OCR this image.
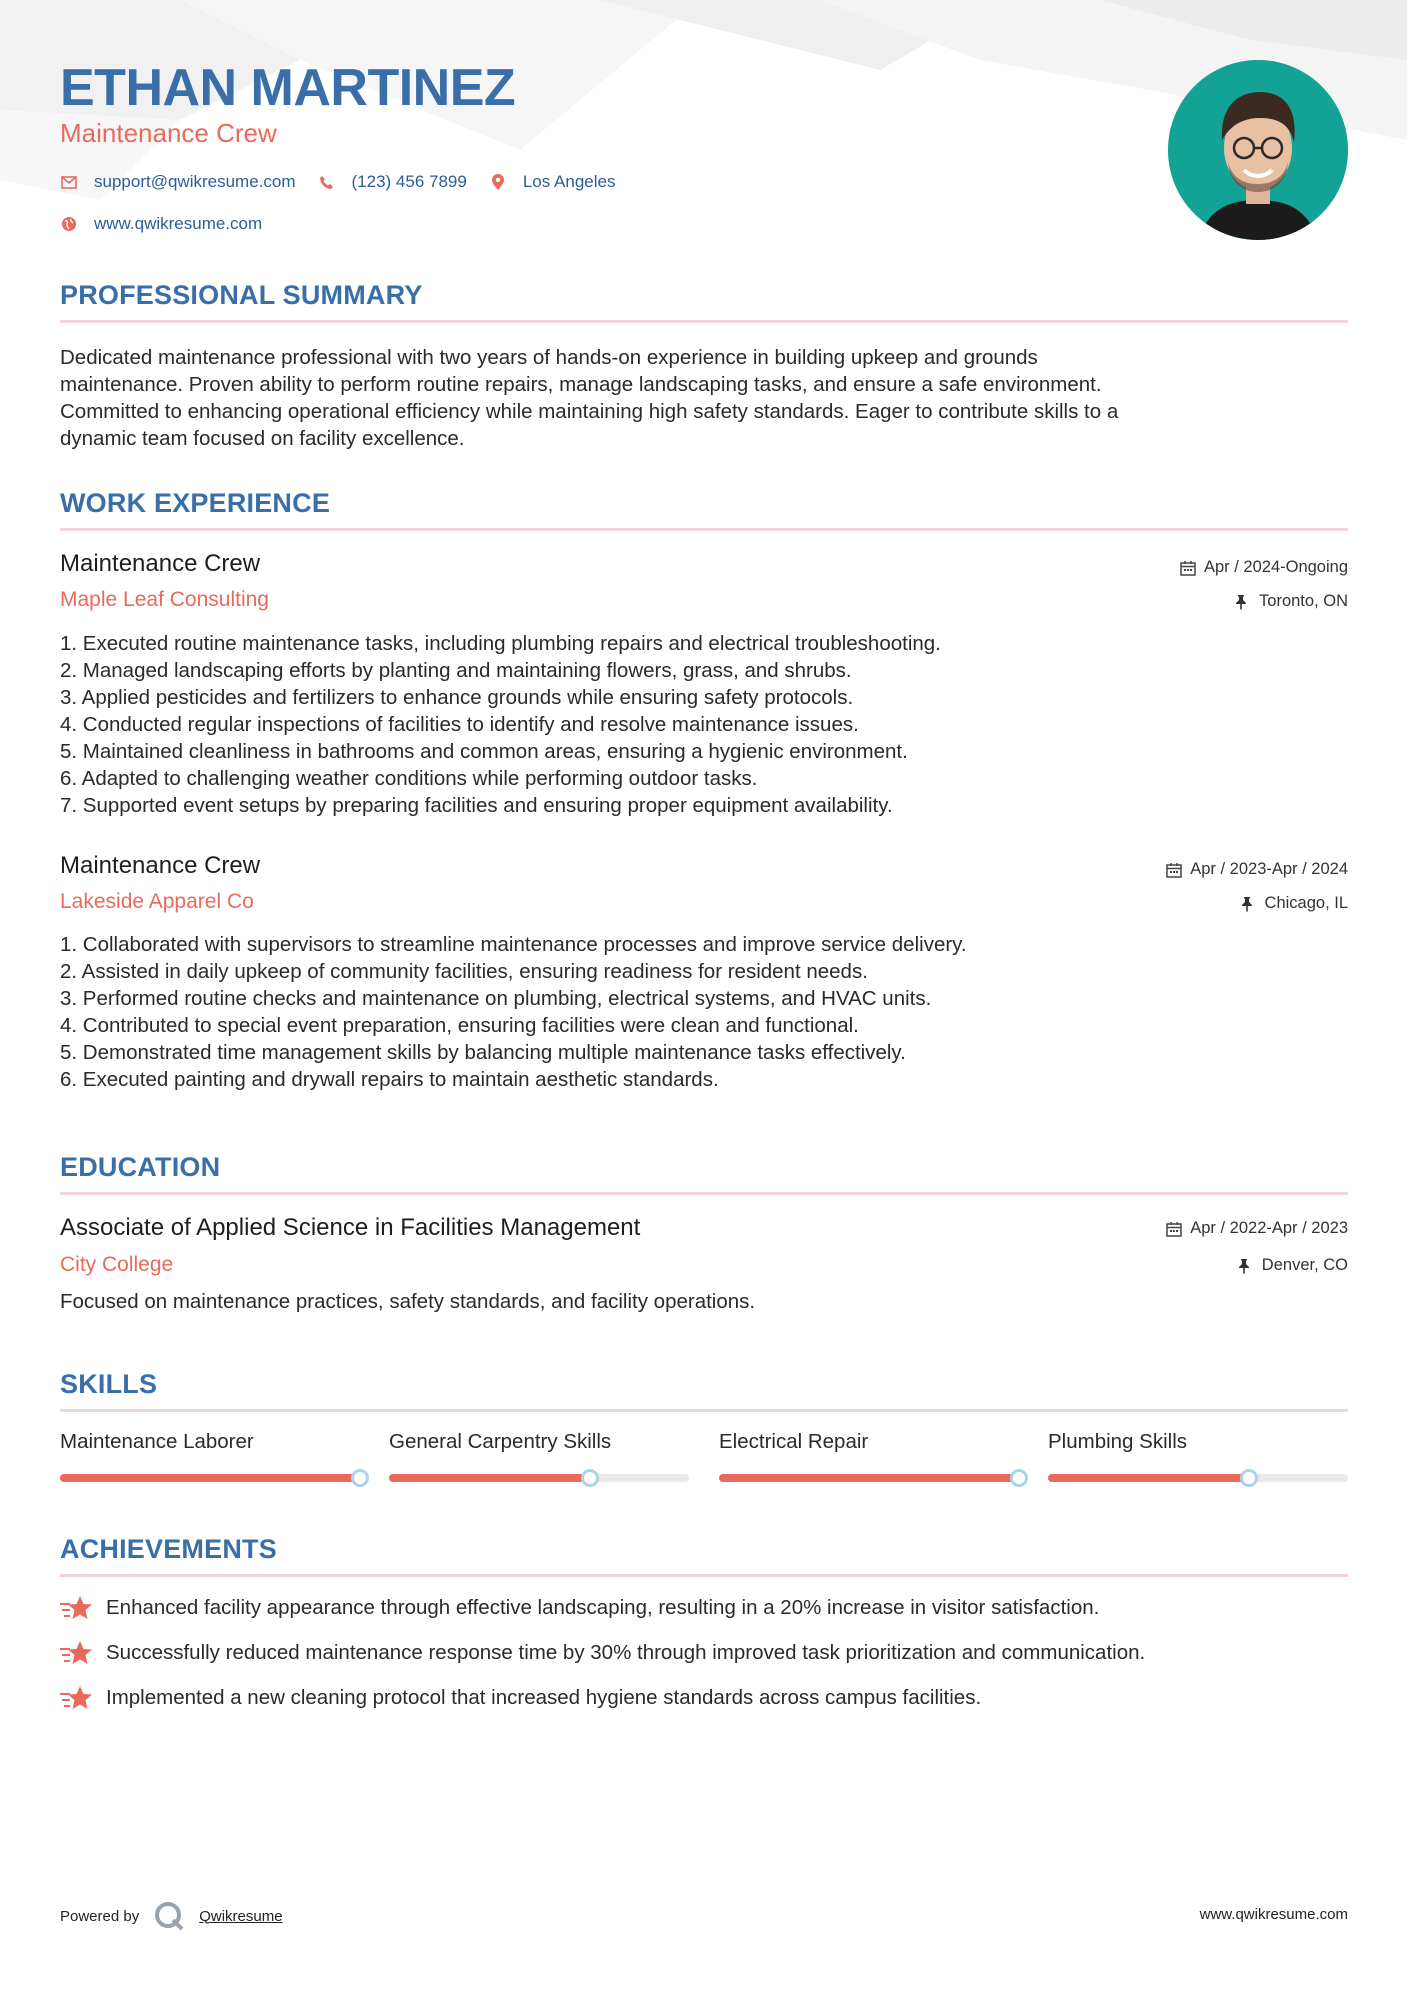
ETHAN MARTINEZ
Maintenance Crew
support@qwikresume.com	(123) 456 7899	Los Angeles
www.qwikresume.com
PROFESSIONAL SUMMARY
Dedicated maintenance professional with two years of hands-on experience in building upkeep and grounds
maintenance. Proven ability to perform routine repairs, manage landscaping tasks, and ensure a safe environment.
Committed to enhancing operational efficiency while maintaining high safety standards. Eager to contribute skills to a
dynamic team focused on facility excellence.
WORK EXPERIENCE
Maintenance Crew
Maple Leaf Consulting
Apr / 2024-Ongoing
Toronto, ON
1. Executed routine maintenance tasks, including plumbing repairs and electrical troubleshooting.
2. Managed landscaping efforts by planting and maintaining flowers, grass, and shrubs.
3. Applied pesticides and fertilizers to enhance grounds while ensuring safety protocols.
4. Conducted regular inspections of facilities to identify and resolve maintenance issues.
5. Maintained cleanliness in bathrooms and common areas, ensuring a hygienic environment.
6. Adapted to challenging weather conditions while performing outdoor tasks.
7. Supported event setups by preparing facilities and ensuring proper equipment availability.
Maintenance Crew
Lakeside Apparel Co
Apr / 2023-Apr / 2024
Chicago, IL
1. Collaborated with supervisors to streamline maintenance processes and improve service delivery.
2. Assisted in daily upkeep of community facilities, ensuring readiness for resident needs.
3. Performed routine checks and maintenance on plumbing, electrical systems, and HVAC units.
4. Contributed to special event preparation, ensuring facilities were clean and functional.
5. Demonstrated time management skills by balancing multiple maintenance tasks effectively.
6. Executed painting and drywall repairs to maintain aesthetic standards.
EDUCATION
Associate of Applied Science in Facilities Management
City College
Apr / 2022-Apr / 2023
Denver, CO
Focused on maintenance practices, safety standards, and facility operations.
SKILLS
Maintenance Laborer	General Carpentry Skills	Electrical Repair	Plumbing Skills
ACHIEVEMENTS
Enhanced facility appearance through effective landscaping, resulting in a 20% increase in visitor satisfaction.
Successfully reduced maintenance response time by 30% through improved task prioritization and communication.
Implemented a new cleaning protocol that increased hygiene standards across campus facilities.
Powered by	Qwikresume	www.qwikresume.com
